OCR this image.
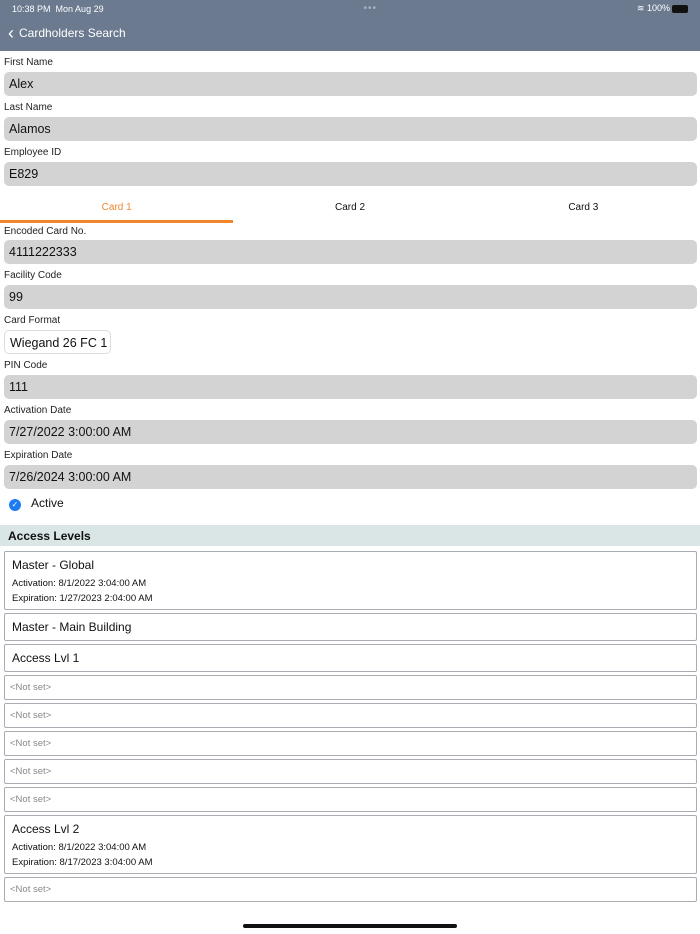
10:38 PM Mon Aug 29	•••	≋ 100%
‹ Cardholders Search
First Name
Alex
Last Name
Alamos
Employee ID
E829
Card 1	Card 2	Card 3
Encoded Card No.
4111222333
Facility Code
99
Card Format
Wiegand 26 FC 1
PIN Code
111
Activation Date
7/27/2022 3:00:00 AM
Expiration Date
7/26/2024 3:00:00 AM
✓ Active
Access Levels
Master - Global
Activation: 8/1/2022 3:04:00 AM
Expiration: 1/27/2023 2:04:00 AM
Master - Main Building
Access Lvl 1
<Not set>
<Not set>
<Not set>
<Not set>
<Not set>
Access Lvl 2
Activation: 8/1/2022 3:04:00 AM
Expiration: 8/17/2023 3:04:00 AM
<Not set>
